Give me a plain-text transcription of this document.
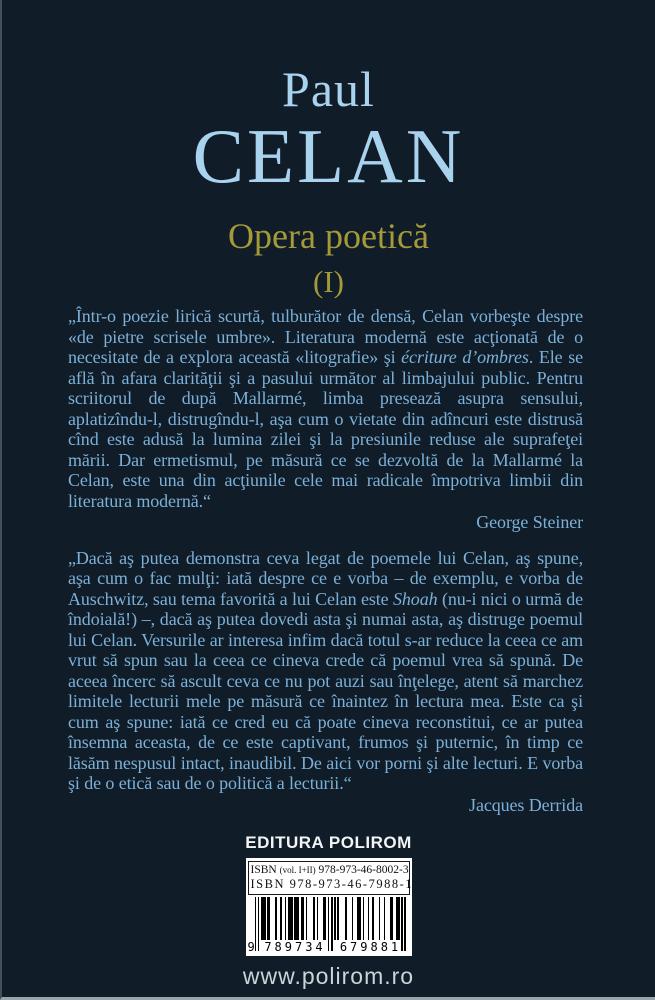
Paul
CELAN
Opera poetică
(I)

„Într-o poezie lirică scurtă, tulburător de densă, Celan vorbeşte despre «de pietre scrisele umbre». Literatura modernă este acţionată de o necesitate de a explora această «litografie» şi écriture d’ombres. Ele se află în afara clarităţii şi a pasului următor al limbajului public. Pentru scriitorul de după Mallarmé, limba presează asupra sensului, aplatizîndu-l, distrugîndu-l, aşa cum o vietate din adîncuri este distrusă cînd este adusă la lumina zilei şi la presiunile reduse ale suprafeţei mării. Dar ermetismul, pe măsură ce se dezvoltă de la Mallarmé la Celan, este una din acţiunile cele mai radicale împotriva limbii din literatura modernă.“

George Steiner

„Dacă aş putea demonstra ceva legat de poemele lui Celan, aş spune, aşa cum o fac mulţi: iată despre ce e vorba – de exemplu, e vorba de Auschwitz, sau tema favorită a lui Celan este Shoah (nu-i nici o urmă de îndoială!) –, dacă aş putea dovedi asta şi numai asta, aş distruge poemul lui Celan. Versurile ar interesa infim dacă totul s-ar reduce la ceea ce am vrut să spun sau la ceea ce cineva crede că poemul vrea să spună. De aceea încerc să ascult ceva ce nu pot auzi sau înţelege, atent să marchez limitele lecturii mele pe măsură ce înaintez în lectura mea. Este ca şi cum aş spune: iată ce cred eu că poate cineva reconstitui, ce ar putea însemna aceasta, de ce este captivant, frumos şi puternic, în timp ce lăsăm nespusul intact, inaudibil. De aici vor porni şi alte lecturi. E vorba şi de o etică sau de o politică a lecturii.“

Jacques Derrida

EDITURA POLIROM
ISBN (vol. I+II) 978-973-46-8002-3
ISBN 978-973-46-7988-1
9 789734 679881
www.polirom.ro
